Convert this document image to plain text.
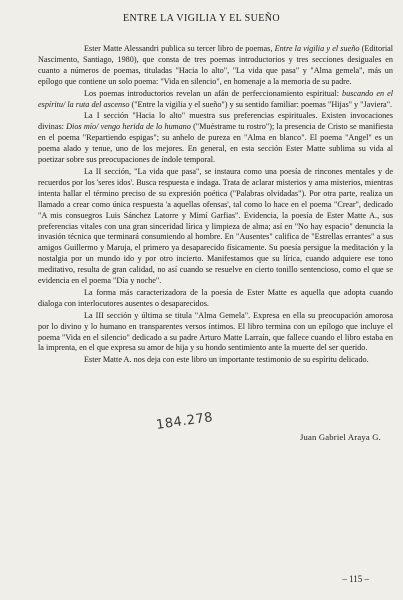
ENTRE LA VIGILIA Y EL SUEÑO

Ester Matte Alessandri publica su tercer libro de poemas, Entre la vigilia y el sueño (Editorial Nascimento, Santiago, 1980), que consta de tres poemas introductorios y tres secciones desiguales en cuanto a números de poemas, tituladas "Hacia lo alto", "La vida que pasa" y "Alma gemela", más un epílogo que contiene un solo poema: "Vida en silencio", en homenaje a la memoria de su padre.

Los poemas introductorios revelan un afán de perfeccionamiento espiritual: buscando en el espíritu/ la ruta del ascenso ("Entre la vigilia y el sueño") y su sentido familiar: poemas "Hijas" y "Javiera".

La I sección "Hacia lo alto" muestra sus preferencias espirituales. Existen invocaciones divinas: Dios mío/ vengo herida de lo humano ("Muéstrame tu rostro"); la presencia de Cristo se manifiesta en el poema "Repartiendo espigas"; su anhelo de pureza en "Alma en blanco". El poema "Angel" es un poema alado y tenue, uno de los mejores. En general, en esta sección Ester Matte sublima su vida al poetizar sobre sus preocupaciones de índole temporal.

La II sección, "La vida que pasa", se instaura como una poesía de rincones mentales y de recuerdos por los 'seres idos'. Busca respuesta e indaga. Trata de aclarar misterios y ama misterios, mientras intenta hallar el término preciso de su expresión poética ("Palabras olvidadas"). Por otra parte, realiza un llamado a crear como única respuesta 'a aquellas ofensas', tal como lo hace en el poema "Crear", dedicado "A mis consuegros Luis Sánchez Latorre y Mimí Garfias". Evidencia, la poesía de Ester Matte A., sus preferencias vitales con una gran sinceridad lírica y limpieza de alma; así en "No hay espacio" denuncia la invasión técnica que terminará consumiendo al hombre. En "Ausentes" califica de "Estrellas errantes" a sus amigos Guillermo y Maruja, el primero ya desaparecido físicamente. Su poesía persigue la meditación y la nostalgia por un mundo ido y por otro incierto. Manifestamos que su lírica, cuando adquiere ese tono meditativo, resulta de gran calidad, no así cuando se resuelve en cierto tonillo sentencioso, como el que se evidencia en el poema "Día y noche".

La forma más caracterizadora de la poesía de Ester Matte es aquella que adopta cuando dialoga con interlocutores ausentes o desaparecidos.

La III sección y última se titula "Alma Gemela". Expresa en ella su preocupación amorosa por lo divino y lo humano en transparentes versos íntimos. El libro termina con un epílogo que incluye el poema "Vida en el silencio" dedicado a su padre Arturo Matte Larraín, que fallece cuando el libro estaba en la imprenta, en el que expresa su amor de hija y su hondo sentimiento ante la muerte del ser querido.

Ester Matte A. nos deja con este libro un importante testimonio de su espíritu delicado.

184.278
Juan Gabriel Araya G.
– 115 –
